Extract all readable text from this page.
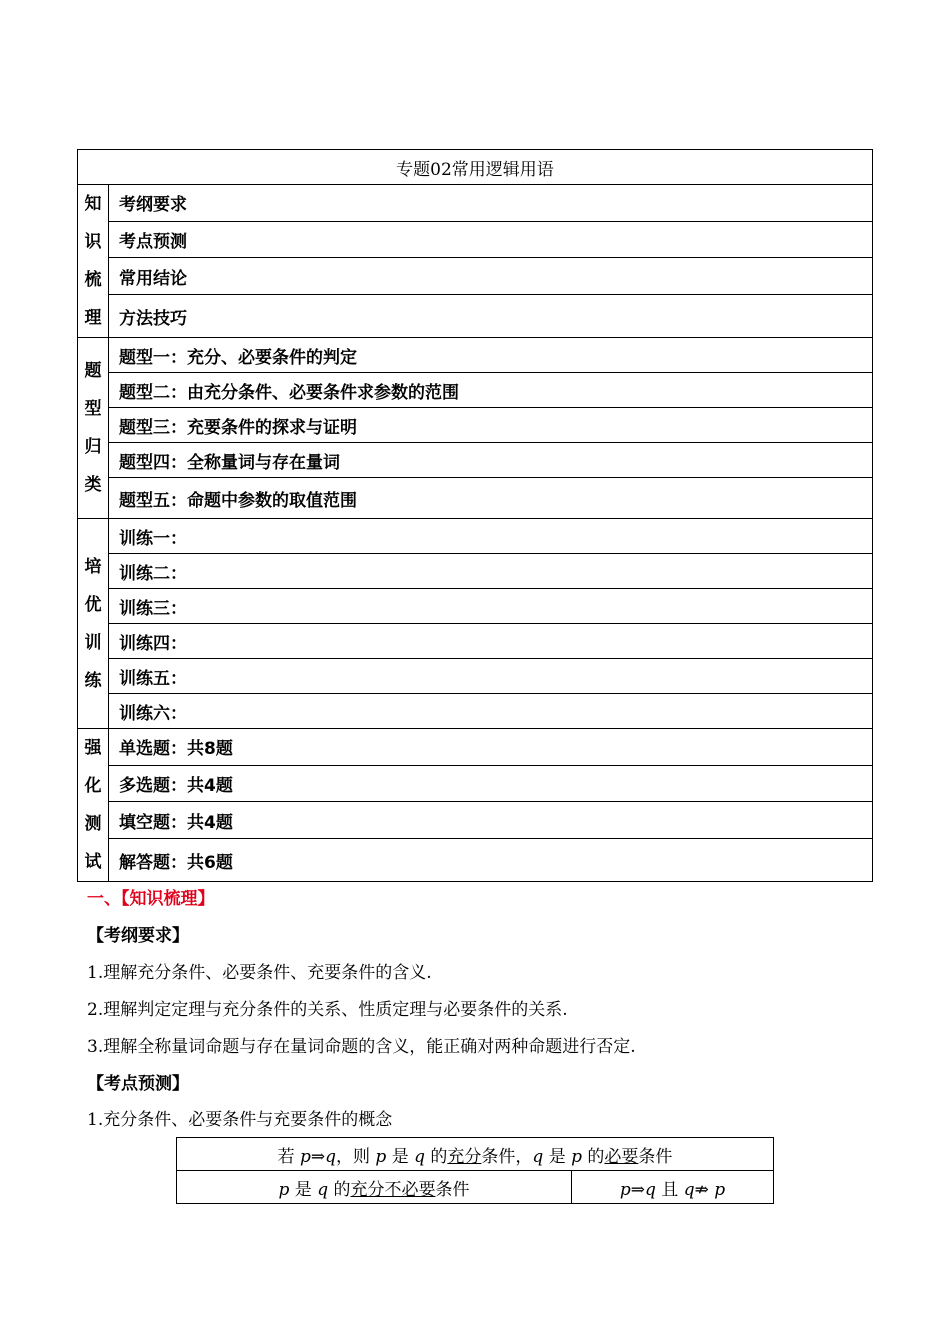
专题02常用逻辑用语	

知
识
梳
理	考纲要求
	考点预测
	常用结论
	方法技巧

题
型
归
类	题型一：充分、必要条件的判定
	题型二：由充分条件、必要条件求参数的范围
	题型三：充要条件的探求与证明
	题型四：全称量词与存在量词
	题型五：命题中参数的取值范围

培
优
训
练	训练一：
	训练二：
	训练三：
	训练四：
	训练五：
	训练六：

强
化
测
试	单选题：共8题
	多选题：共4题
	填空题：共4题
	解答题：共6题
一、【知识梳理】
【考纲要求】
1.理解充分条件、必要条件、充要条件的含义.
2.理解判定定理与充分条件的关系、性质定理与必要条件的关系.
3.理解全称量词命题与存在量词命题的含义，能正确对两种命题进行否定.
【考点预测】
1.充分条件、必要条件与充要条件的概念
若 p⇒q，则 p 是 q 的充分条件，q 是 p 的必要条件
p 是 q 的充分不必要条件	p⇒q 且 q⇏ p
